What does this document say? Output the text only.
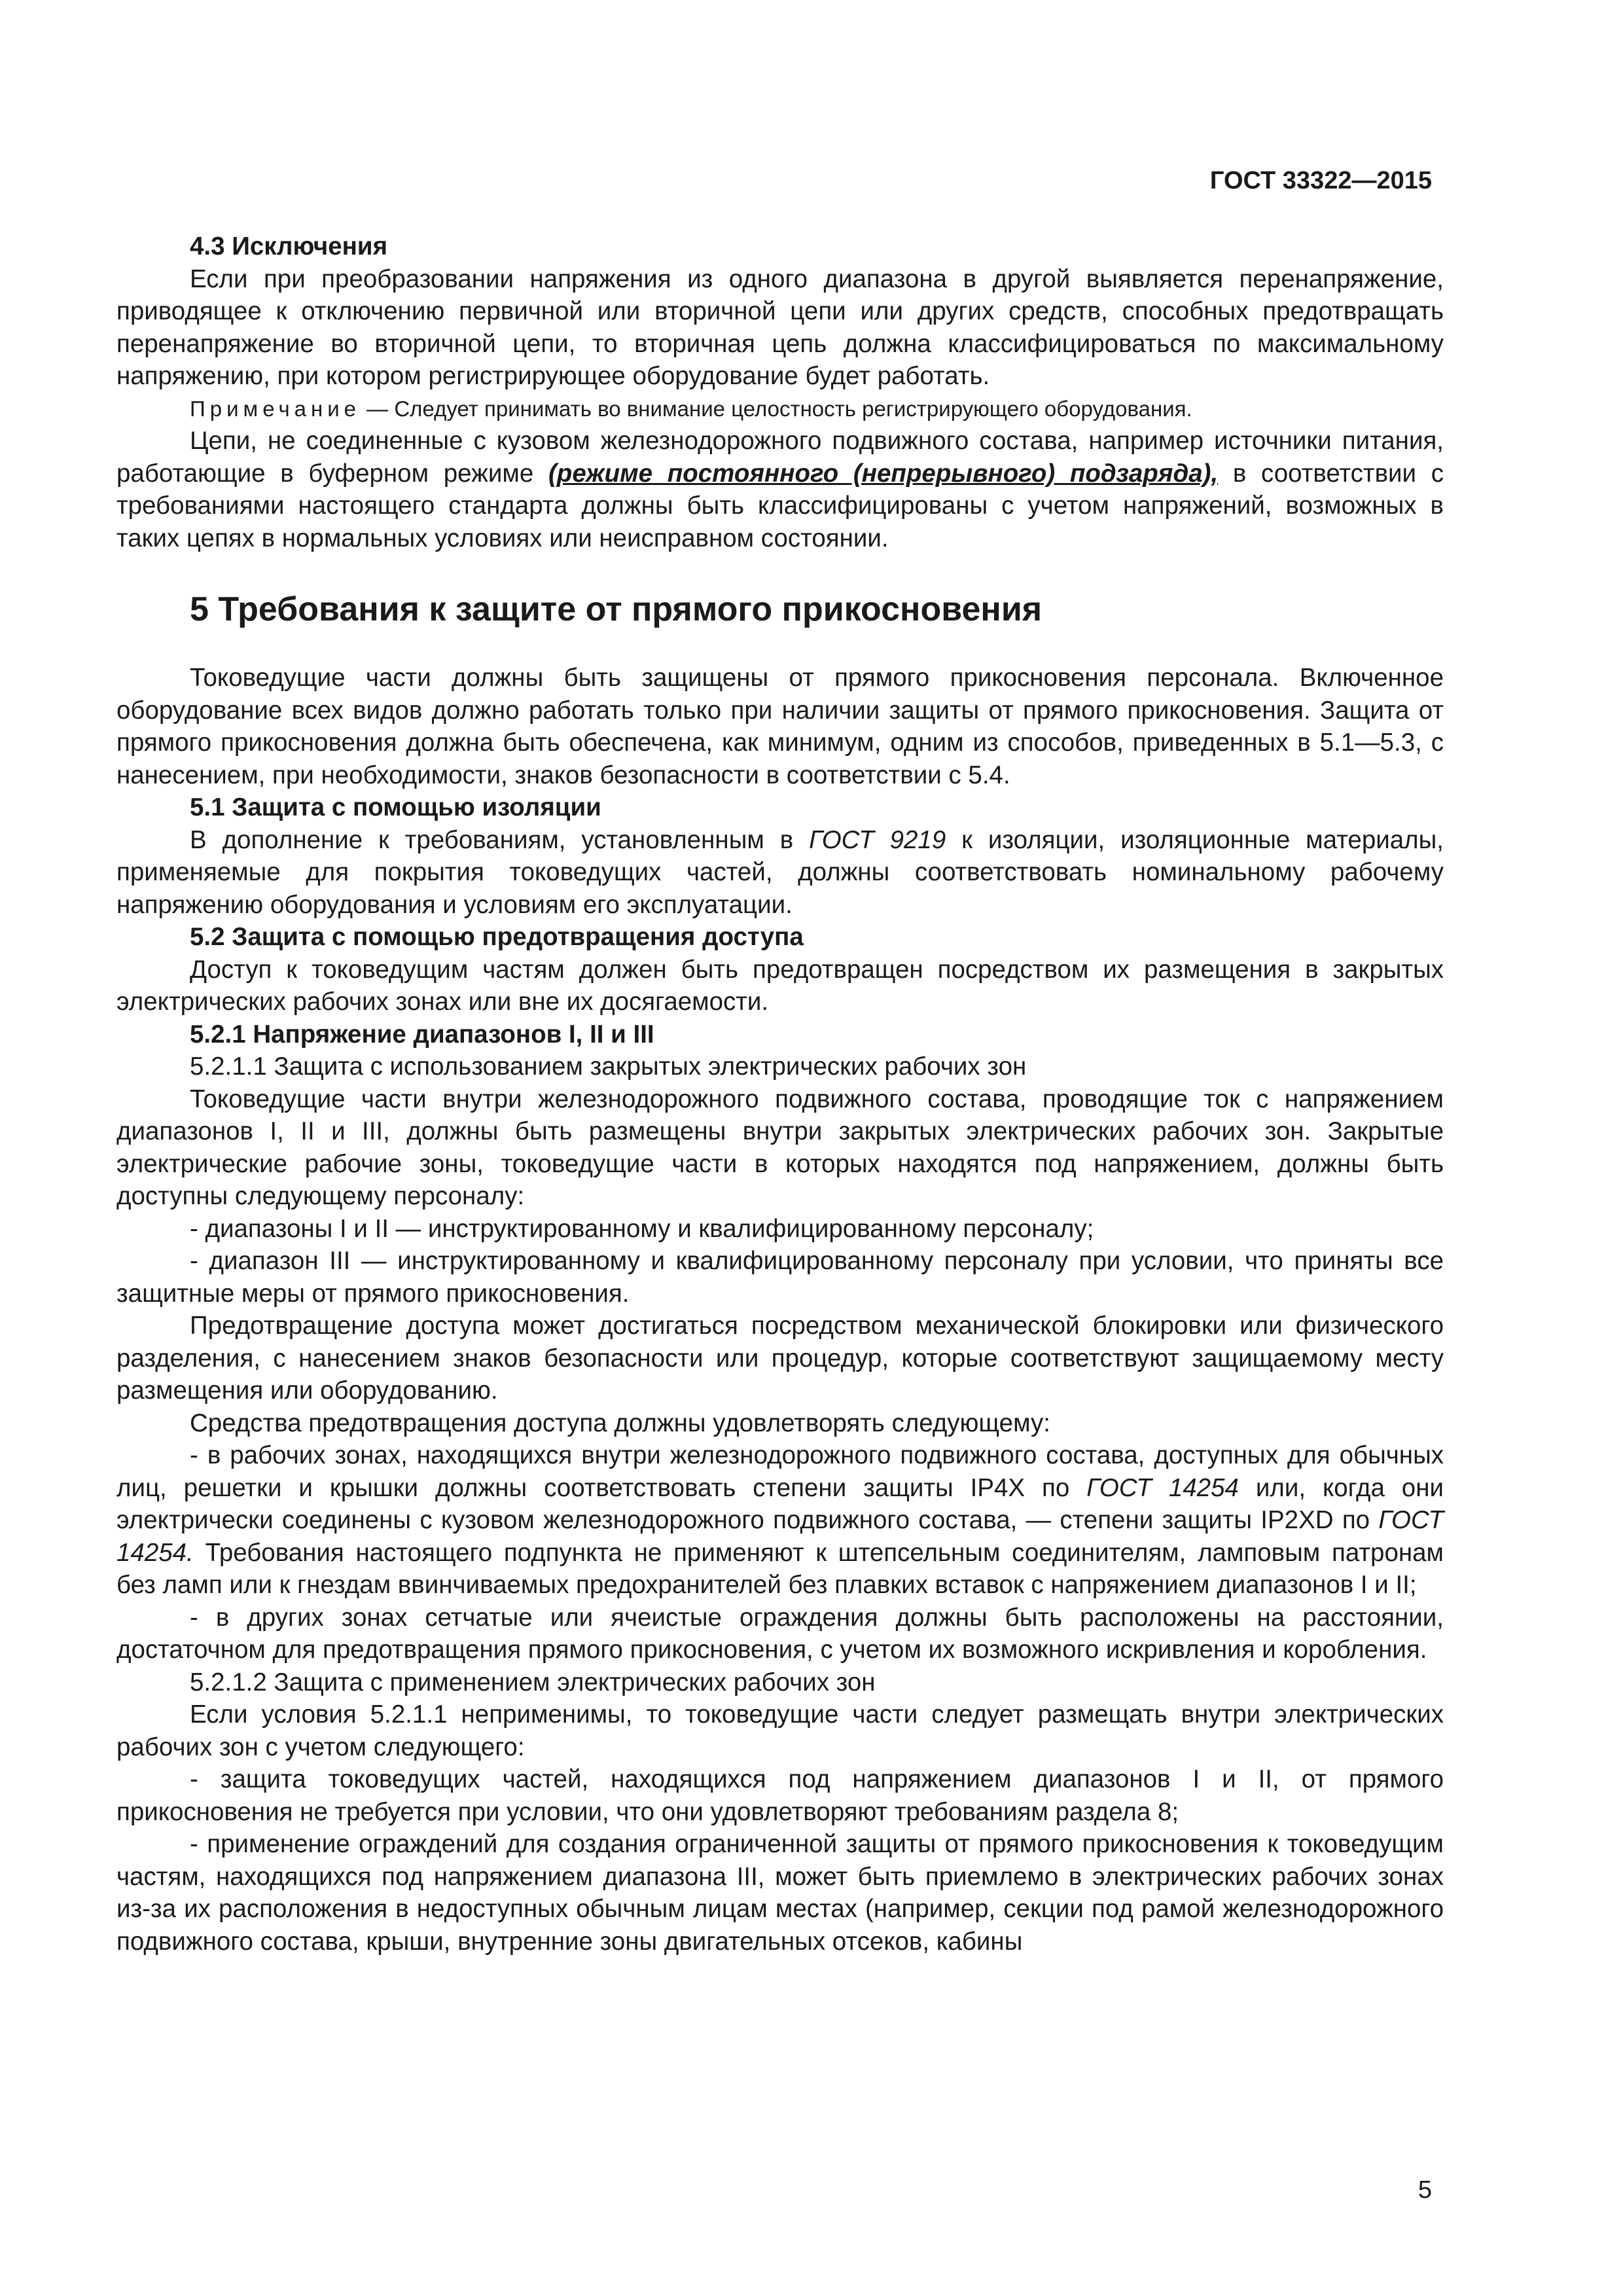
ГОСТ 33322—2015

4.3 Исключения

Если при преобразовании напряжения из одного диапазона в другой выявляется перенапряжение, приводящее к отключению первичной или вторичной цепи или других средств, способных предотвращать перенапряжение во вторичной цепи, то вторичная цепь должна классифицироваться по максимальному напряжению, при котором регистрирующее оборудование будет работать.

Примечание — Следует принимать во внимание целостность регистрирующего оборудования.

Цепи, не соединенные с кузовом железнодорожного подвижного состава, например источники питания, работающие в буферном режиме (режиме постоянного (непрерывного) подзаряда), в соответствии с требованиями настоящего стандарта должны быть классифицированы с учетом напряжений, возможных в таких цепях в нормальных условиях или неисправном состоянии.

5 Требования к защите от прямого прикосновения

Токоведущие части должны быть защищены от прямого прикосновения персонала. Включенное оборудование всех видов должно работать только при наличии защиты от прямого прикосновения. Защита от прямого прикосновения должна быть обеспечена, как минимум, одним из способов, приведенных в 5.1—5.3, с нанесением, при необходимости, знаков безопасности в соответствии с 5.4.

5.1 Защита с помощью изоляции

В дополнение к требованиям, установленным в ГОСТ 9219 к изоляции, изоляционные материалы, применяемые для покрытия токоведущих частей, должны соответствовать номинальному рабочему напряжению оборудования и условиям его эксплуатации.

5.2 Защита с помощью предотвращения доступа

Доступ к токоведущим частям должен быть предотвращен посредством их размещения в закрытых электрических рабочих зонах или вне их досягаемости.

5.2.1 Напряжение диапазонов I, II и III

5.2.1.1 Защита с использованием закрытых электрических рабочих зон

Токоведущие части внутри железнодорожного подвижного состава, проводящие ток с напряжением диапазонов I, II и III, должны быть размещены внутри закрытых электрических рабочих зон. Закрытые электрические рабочие зоны, токоведущие части в которых находятся под напряжением, должны быть доступны следующему персоналу:

- диапазоны I и II — инструктированному и квалифицированному персоналу;

- диапазон III — инструктированному и квалифицированному персоналу при условии, что приняты все защитные меры от прямого прикосновения.

Предотвращение доступа может достигаться посредством механической блокировки или физического разделения, с нанесением знаков безопасности или процедур, которые соответствуют защищаемому месту размещения или оборудованию.

Средства предотвращения доступа должны удовлетворять следующему:

- в рабочих зонах, находящихся внутри железнодорожного подвижного состава, доступных для обычных лиц, решетки и крышки должны соответствовать степени защиты IP4X по ГОСТ 14254 или, когда они электрически соединены с кузовом железнодорожного подвижного состава, — степени защиты IP2XD по ГОСТ 14254. Требования настоящего подпункта не применяют к штепсельным соединителям, ламповым патронам без ламп или к гнездам ввинчиваемых предохранителей без плавких вставок с напряжением диапазонов I и II;

- в других зонах сетчатые или ячеистые ограждения должны быть расположены на расстоянии, достаточном для предотвращения прямого прикосновения, с учетом их возможного искривления и коробления.

5.2.1.2 Защита с применением электрических рабочих зон

Если условия 5.2.1.1 неприменимы, то токоведущие части следует размещать внутри электрических рабочих зон с учетом следующего:

- защита токоведущих частей, находящихся под напряжением диапазонов I и II, от прямого прикосновения не требуется при условии, что они удовлетворяют требованиям раздела 8;

- применение ограждений для создания ограниченной защиты от прямого прикосновения к токоведущим частям, находящихся под напряжением диапазона III, может быть приемлемо в электрических рабочих зонах из-за их расположения в недоступных обычным лицам местах (например, секции под рамой железнодорожного подвижного состава, крыши, внутренние зоны двигательных отсеков, кабины

5
